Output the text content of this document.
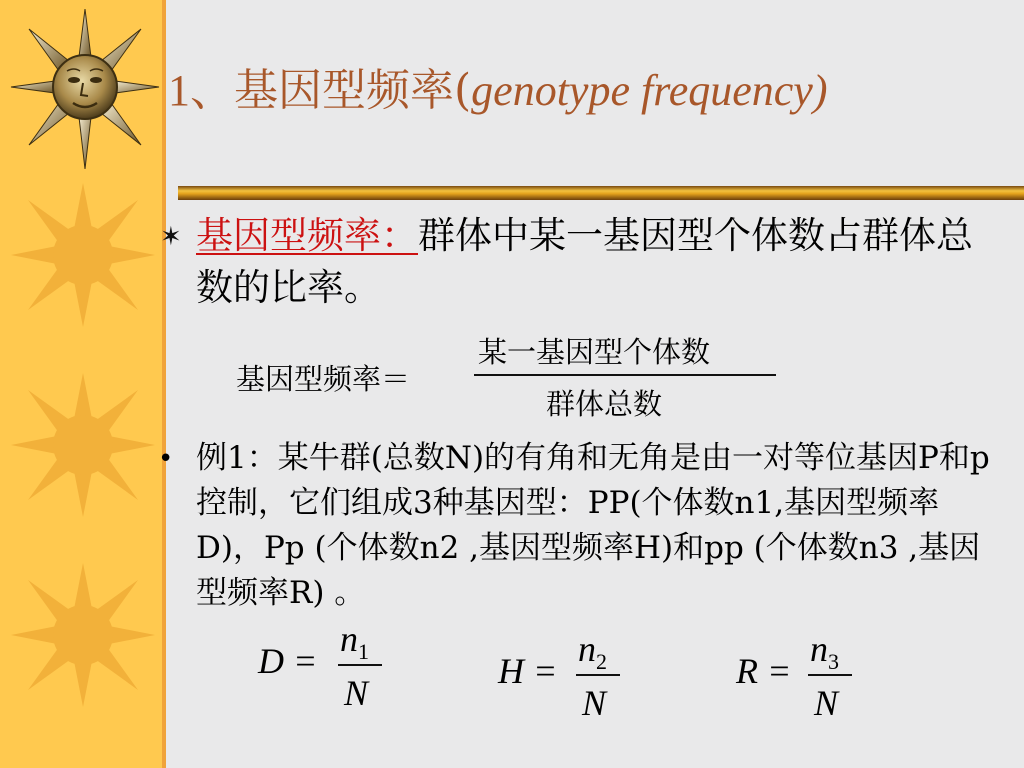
1、基因型频率(genotype frequency)
✶ 基因型频率：群体中某一基因型个体数占群体总数的比率。

基因型频率＝
某一基因型个体数
群体总数
• 例1：某牛群(总数N)的有角和无角是由一对等位基因P和p控制，它们组成3种基因型：PP(个体数n1,基因型频率D)，Pp (个体数n2 ,基因型频率H)和pp (个体数n3 ,基因型频率R) 。

D =
$n_1$
N
H =
$n_2$
N
R =
$n_3$
N
